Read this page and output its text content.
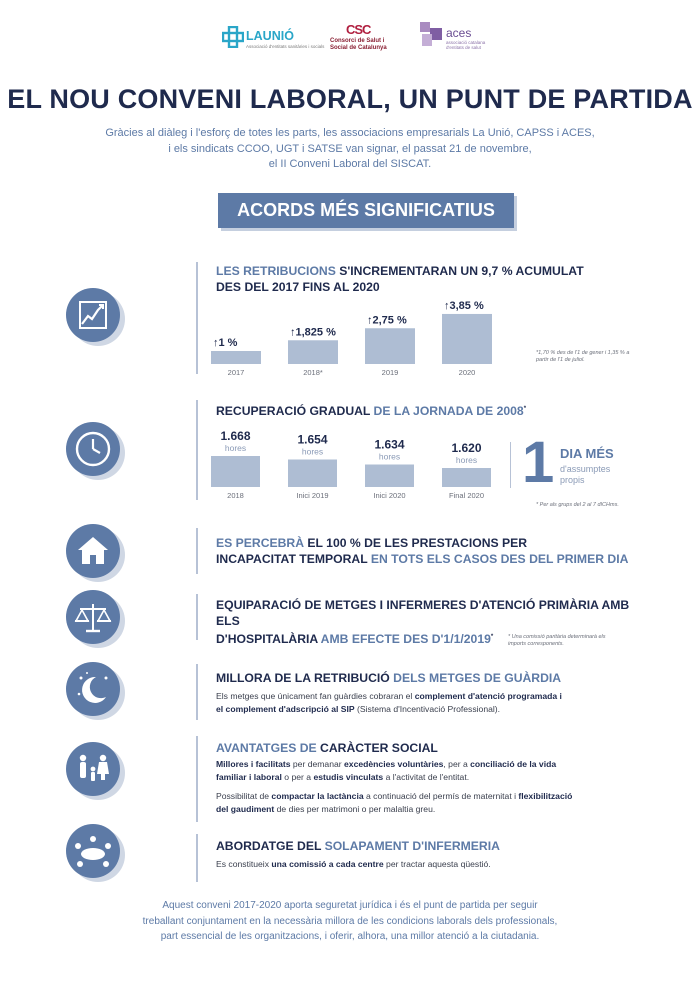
LAUNIÓ
Associació d'entitats sanitàries i socials
CSC
Consorci de Salut i
Social de Catalunya
aces
associació catalana d'entitats de salut
EL NOU CONVENI LABORAL, UN PUNT DE PARTIDA
Gràcies al diàleg i l'esforç de totes les parts, les associacions empresarials La Unió, CAPSS i ACES,
i els sindicats CCOO, UGT i SATSE van signar, el passat 21 de novembre,
el II Conveni Laboral del SISCAT.
ACORDS MÉS SIGNIFICATIUS
LES RETRIBUCIONS S'INCREMENTARAN UN 9,7 % ACUMULAT
DES DEL 2017 FINS AL 2020
↑1 %
2017
↑1,825 %
2018*
↑2,75 %
2019
↑3,85 %
2020
*1,70 % des de l'1 de gener i 1,35 % a partir de l'1 de juliol.
RECUPERACIÓ GRADUAL DE LA JORNADA DE 2008*
1.668
hores
2018
1.654
hores
Inici 2019
1.634
hores
Inici 2020
1.620
hores
Final 2020
1 DIA MÉS
d'assumptes
propis
* Per als grups del 2 al 7 dICHms.
ES PERCEBRÀ EL 100 % DE LES PRESTACIONS PER
INCAPACITAT TEMPORAL EN TOTS ELS CASOS DES DEL PRIMER DIA
EQUIPARACIÓ DE METGES I INFERMERES D'ATENCIÓ PRIMÀRIA AMB ELS
D'HOSPITALÀRIA AMB EFECTE DES D'1/1/2019*	* Una comissió paritària determinarà els
imports corresponents.
MILLORA DE LA RETRIBUCIÓ DELS METGES DE GUÀRDIA
Els metges que únicament fan guàrdies cobraran el complement d'atenció programada i
el complement d'adscripció al SIP (Sistema d'Incentivació Professional).
AVANTATGES DE CARÀCTER SOCIAL
Millores i facilitats per demanar excedències voluntàries, per a conciliació de la vida
familiar i laboral o per a estudis vinculats a l'activitat de l'entitat.
Possibilitat de compactar la lactància a continuació del permís de maternitat i flexibilització
del gaudiment de dies per matrimoni o per malaltia greu.
ABORDATGE DEL SOLAPAMENT D'INFERMERIA
Es constitueix una comissió a cada centre per tractar aquesta qüestió.
Aquest conveni 2017-2020 aporta seguretat jurídica i és el punt de partida per seguir
treballant conjuntament en la necessària millora de les condicions laborals dels professionals,
part essencial de les organitzacions, i oferir, alhora, una millor atenció a la ciutadania.
